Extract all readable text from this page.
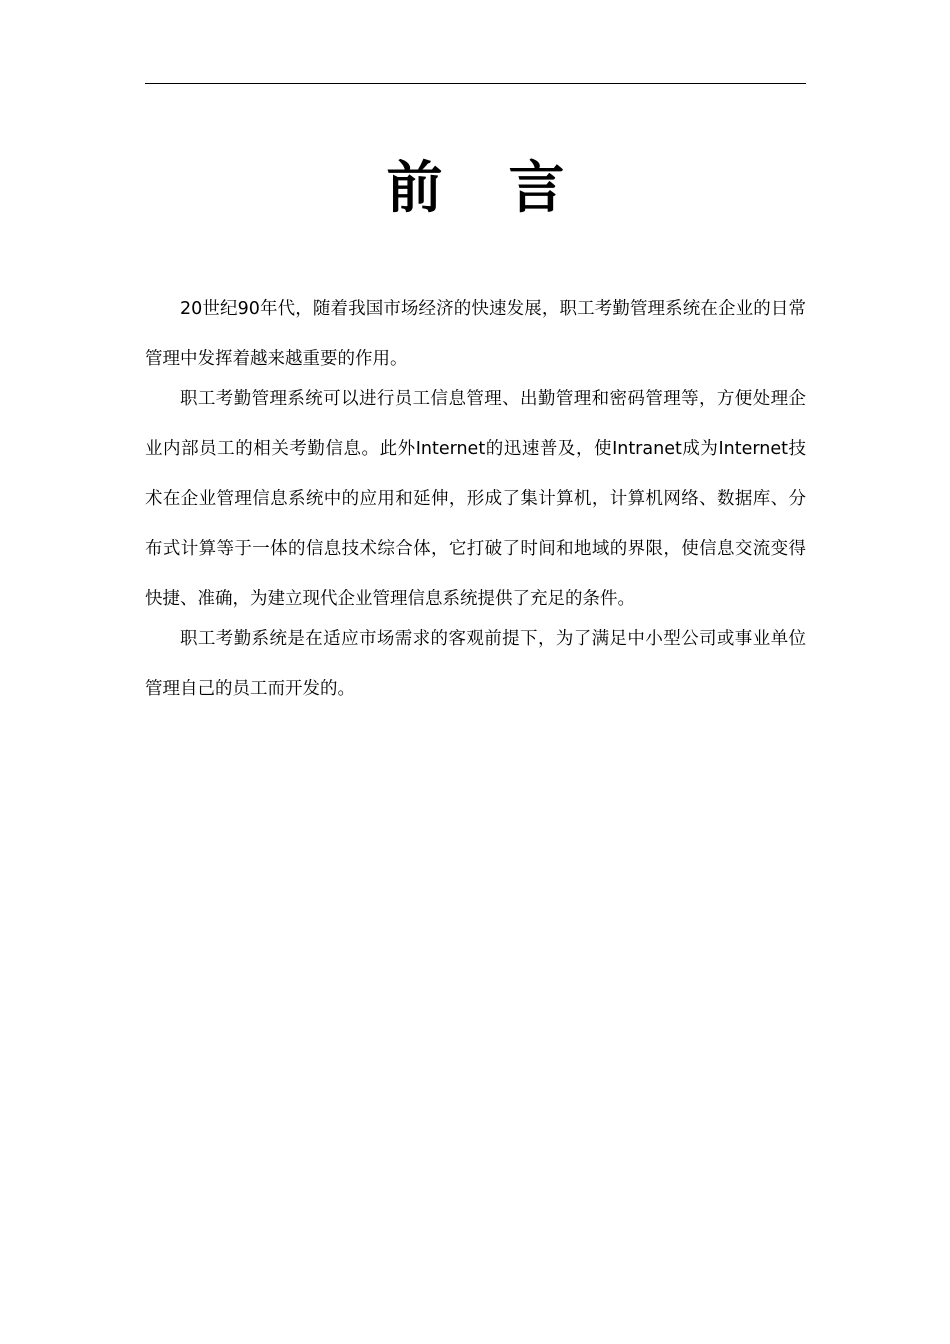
前 言

20世纪90年代，随着我国市场经济的快速发展，职工考勤管理系统在企业的日常管理中发挥着越来越重要的作用。

职工考勤管理系统可以进行员工信息管理、出勤管理和密码管理等，方便处理企业内部员工的相关考勤信息。此外Internet的迅速普及，使Intranet成为Internet技术在企业管理信息系统中的应用和延伸，形成了集计算机，计算机网络、数据库、分布式计算等于一体的信息技术综合体，它打破了时间和地域的界限，使信息交流变得快捷、准确，为建立现代企业管理信息系统提供了充足的条件。

职工考勤系统是在适应市场需求的客观前提下，为了满足中小型公司或事业单位管理自己的员工而开发的。
